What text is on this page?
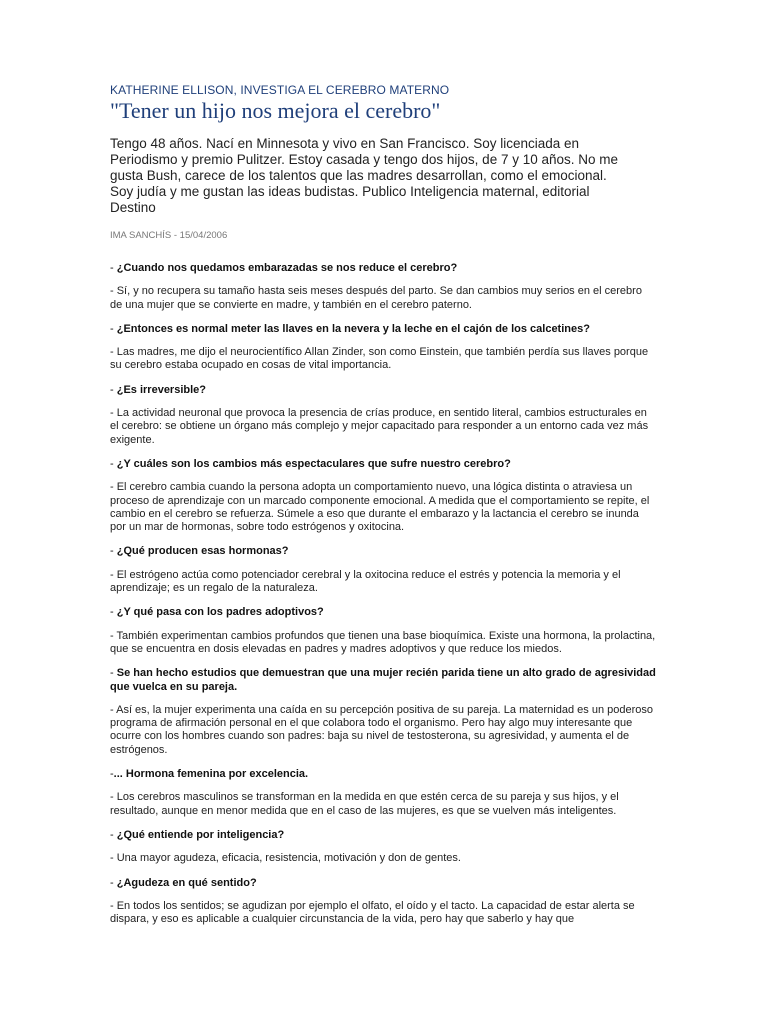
KATHERINE ELLISON, INVESTIGA EL CEREBRO MATERNO

"Tener un hijo nos mejora el cerebro"

Tengo 48 años. Nací en Minnesota y vivo en San Francisco. Soy licenciada en Periodismo y premio Pulitzer. Estoy casada y tengo dos hijos, de 7 y 10 años. No me gusta Bush, carece de los talentos que las madres desarrollan, como el emocional. Soy judía y me gustan las ideas budistas. Publico Inteligencia maternal, editorial Destino

IMA SANCHÍS - 15/04/2006

- ¿Cuando nos quedamos embarazadas se nos reduce el cerebro?

- Sí, y no recupera su tamaño hasta seis meses después del parto. Se dan cambios muy serios en el cerebro de una mujer que se convierte en madre, y también en el cerebro paterno.

- ¿Entonces es normal meter las llaves en la nevera y la leche en el cajón de los calcetines?

- Las madres, me dijo el neurocientífico Allan Zinder, son como Einstein, que también perdía sus llaves porque su cerebro estaba ocupado en cosas de vital importancia.

- ¿Es irreversible?

- La actividad neuronal que provoca la presencia de crías produce, en sentido literal, cambios estructurales en el cerebro: se obtiene un órgano más complejo y mejor capacitado para responder a un entorno cada vez más exigente.

- ¿Y cuáles son los cambios más espectaculares que sufre nuestro cerebro?

- El cerebro cambia cuando la persona adopta un comportamiento nuevo, una lógica distinta o atraviesa un proceso de aprendizaje con un marcado componente emocional. A medida que el comportamiento se repite, el cambio en el cerebro se refuerza. Súmele a eso que durante el embarazo y la lactancia el cerebro se inunda por un mar de hormonas, sobre todo estrógenos y oxitocina.

- ¿Qué producen esas hormonas?

- El estrógeno actúa como potenciador cerebral y la oxitocina reduce el estrés y potencia la memoria y el aprendizaje; es un regalo de la naturaleza.

- ¿Y qué pasa con los padres adoptivos?

- También experimentan cambios profundos que tienen una base bioquímica. Existe una hormona, la prolactina, que se encuentra en dosis elevadas en padres y madres adoptivos y que reduce los miedos.

- Se han hecho estudios que demuestran que una mujer recién parida tiene un alto grado de agresividad que vuelca en su pareja.

- Así es, la mujer experimenta una caída en su percepción positiva de su pareja. La maternidad es un poderoso programa de afirmación personal en el que colabora todo el organismo. Pero hay algo muy interesante que ocurre con los hombres cuando son padres: baja su nivel de testosterona, su agresividad, y aumenta el de estrógenos.

-... Hormona femenina por excelencia.

- Los cerebros masculinos se transforman en la medida en que estén cerca de su pareja y sus hijos, y el resultado, aunque en menor medida que en el caso de las mujeres, es que se vuelven más inteligentes.

- ¿Qué entiende por inteligencia?

- Una mayor agudeza, eficacia, resistencia, motivación y don de gentes.

- ¿Agudeza en qué sentido?

- En todos los sentidos; se agudizan por ejemplo el olfato, el oído y el tacto. La capacidad de estar alerta se dispara, y eso es aplicable a cualquier circunstancia de la vida, pero hay que saberlo y hay que
